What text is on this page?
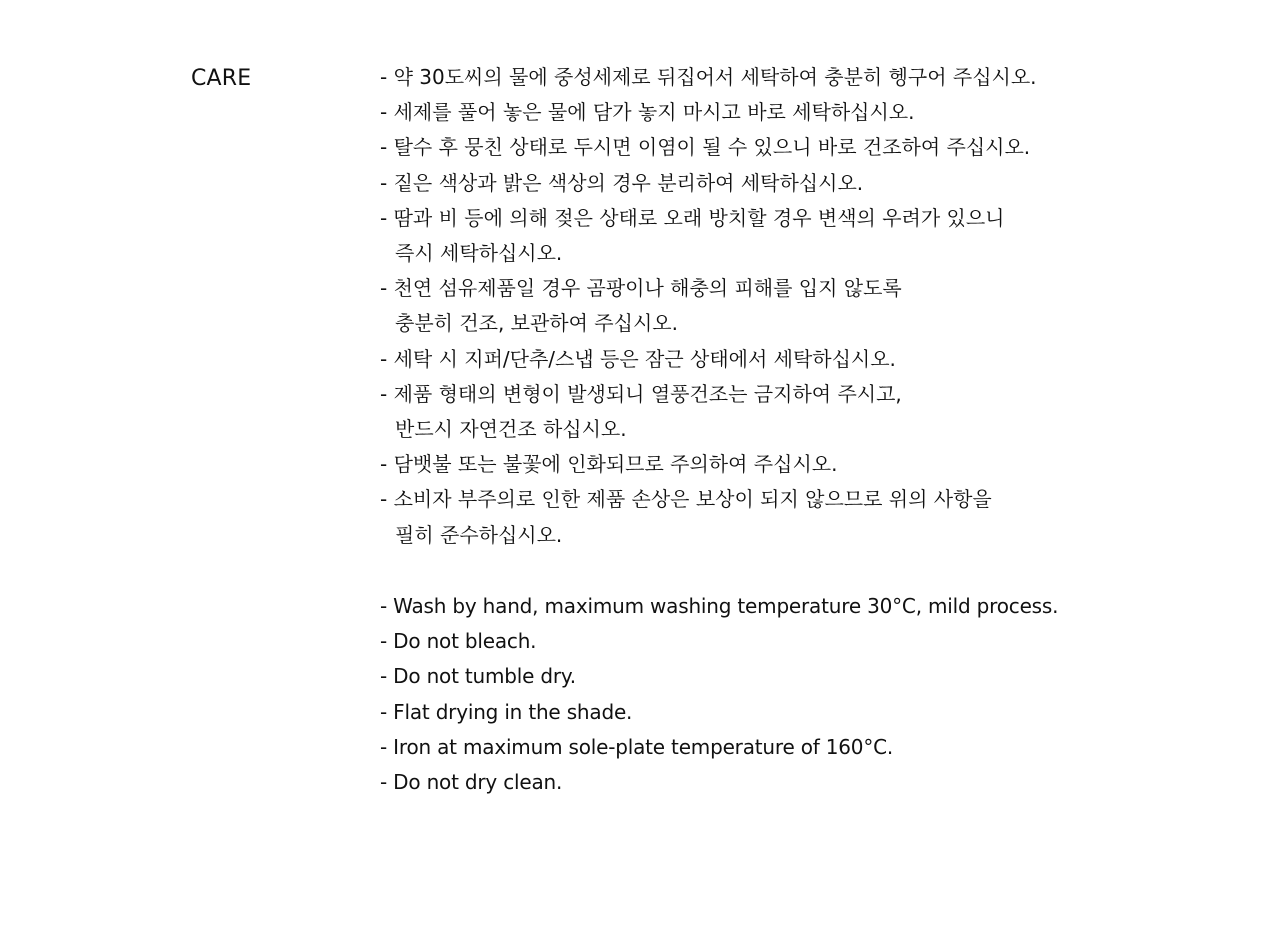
CARE	- 약 30도씨의 물에 중성세제로 뒤집어서 세탁하여 충분히 헹구어 주십시오.
- 세제를 풀어 놓은 물에 담가 놓지 마시고 바로 세탁하십시오.
- 탈수 후 뭉친 상태로 두시면 이염이 될 수 있으니 바로 건조하여 주십시오.
- 짙은 색상과 밝은 색상의 경우 분리하여 세탁하십시오.
- 땀과 비 등에 의해 젖은 상태로 오래 방치할 경우 변색의 우려가 있으니
즉시 세탁하십시오.
- 천연 섬유제품일 경우 곰팡이나 해충의 피해를 입지 않도록
충분히 건조, 보관하여 주십시오.
- 세탁 시 지퍼/단추/스냅 등은 잠근 상태에서 세탁하십시오.
- 제품 형태의 변형이 발생되니 열풍건조는 금지하여 주시고,
반드시 자연건조 하십시오.
- 담뱃불 또는 불꽃에 인화되므로 주의하여 주십시오.
- 소비자 부주의로 인한 제품 손상은 보상이 되지 않으므로 위의 사항을
필히 준수하십시오.
- Wash by hand, maximum washing temperature 30°C, mild process.
- Do not bleach.
- Do not tumble dry.
- Flat drying in the shade.
- Iron at maximum sole-plate temperature of 160°C.
- Do not dry clean.
